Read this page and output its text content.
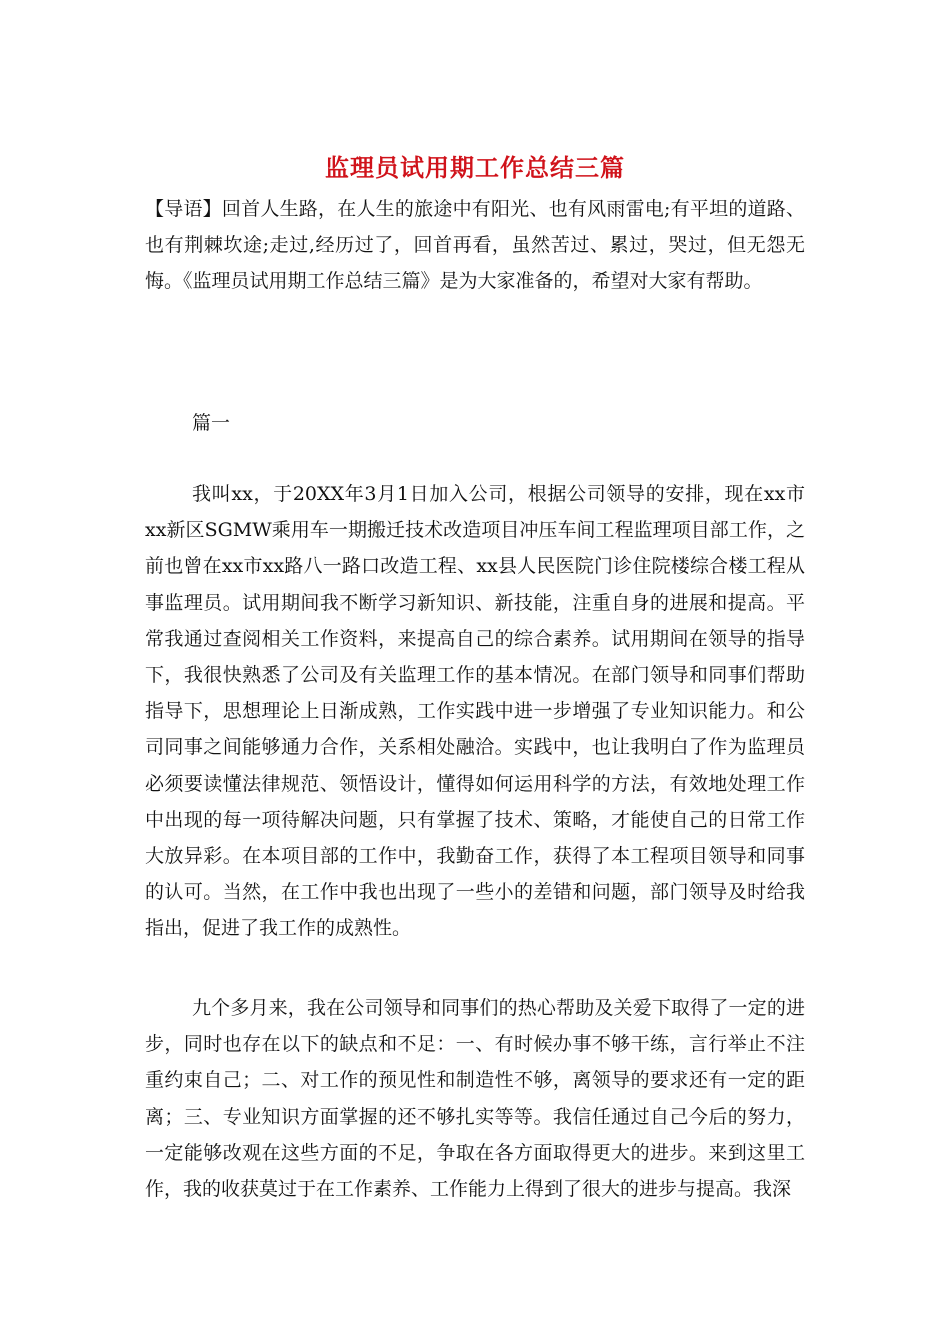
监理员试用期工作总结三篇

【导语】回首人生路，在人生的旅途中有阳光、也有风雨雷电;有平坦的道路、也有荆棘坎途;走过,经历过了，回首再看，虽然苦过、累过，哭过，但无怨无悔。《监理员试用期工作总结三篇》是为大家准备的，希望对大家有帮助。

篇一

我叫xx，于20XX年3月1日加入公司，根据公司领导的安排，现在xx市xx新区SGMW乘用车一期搬迁技术改造项目冲压车间工程监理项目部工作，之前也曾在xx市xx路八一路口改造工程、xx县人民医院门诊住院楼综合楼工程从事监理员。试用期间我不断学习新知识、新技能，注重自身的进展和提高。平常我通过查阅相关工作资料，来提高自己的综合素养。试用期间在领导的指导下，我很快熟悉了公司及有关监理工作的基本情况。在部门领导和同事们帮助指导下，思想理论上日渐成熟，工作实践中进一步增强了专业知识能力。和公司同事之间能够通力合作，关系相处融洽。实践中，也让我明白了作为监理员必须要读懂法律规范、领悟设计，懂得如何运用科学的方法，有效地处理工作中出现的每一项待解决问题，只有掌握了技术、策略，才能使自己的日常工作大放异彩。在本项目部的工作中，我勤奋工作，获得了本工程项目领导和同事的认可。当然，在工作中我也出现了一些小的差错和问题，部门领导及时给我指出，促进了我工作的成熟性。

九个多月来，我在公司领导和同事们的热心帮助及关爱下取得了一定的进步，同时也存在以下的缺点和不足：一、有时候办事不够干练，言行举止不注重约束自己；二、对工作的预见性和制造性不够，离领导的要求还有一定的距离；三、专业知识方面掌握的还不够扎实等等。我信任通过自己今后的努力，一定能够改观在这些方面的不足，争取在各方面取得更大的进步。来到这里工作，我的收获莫过于在工作素养、工作能力上得到了很大的进步与提高。我深
